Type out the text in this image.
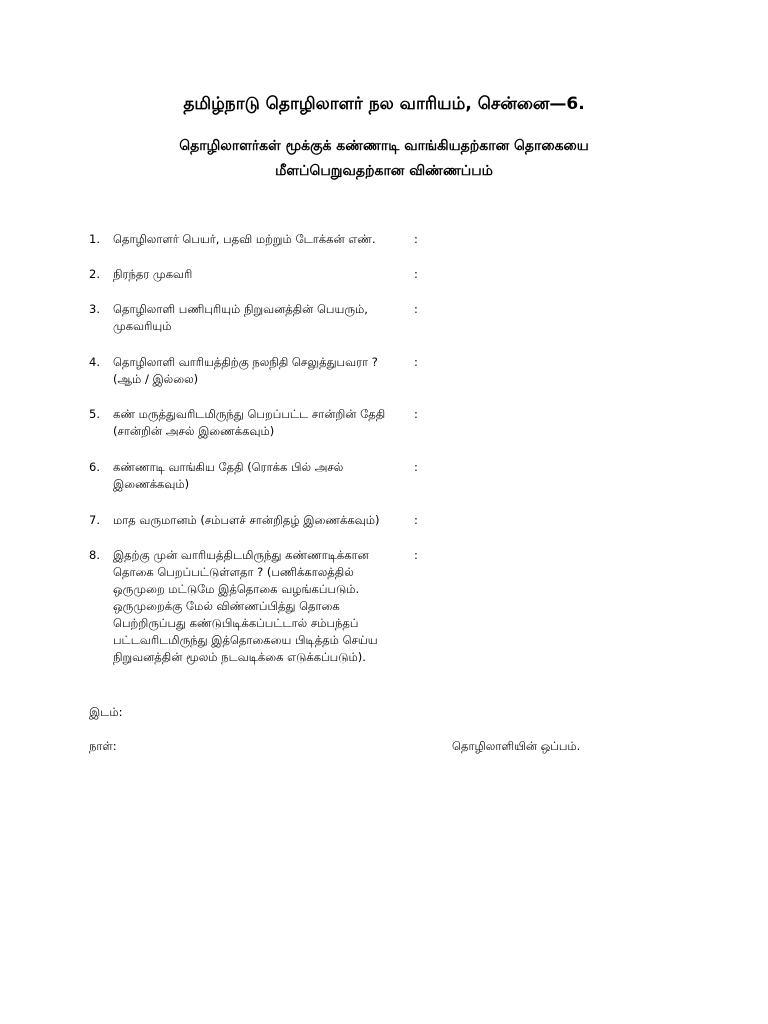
தமிழ்நாடு தொழிலாளர் நல வாரியம், சென்னை—6.
தொழிலாளர்கள் மூக்குக் கண்ணாடி வாங்கியதற்கான தொகையை
மீளப்பெறுவதற்கான விண்ணப்பம்
1. தொழிலாளர் பெயர், பதவி மற்றும் டோக்கன் எண்.	:
2. நிரந்தர முகவரி	:
3. தொழிலாளி பணிபுரியும் நிறுவனத்தின் பெயரும்,
முகவரியும்
:
4. தொழிலாளி வாரியத்திற்கு நலநிதி செலுத்துபவரா ?
(ஆம் / இல்லை)
:
5. கண் மருத்துவரிடமிருந்து பெறப்பட்ட சான்றின் தேதி
(சான்றின் அசல் இணைக்கவும்)
:
6. கண்ணாடி வாங்கிய தேதி (ரொக்க பில் அசல்
இணைக்கவும்)
:
7. மாத வருமானம் (சம்பளச் சான்றிதழ் இணைக்கவும்)	:
8. இதற்கு முன் வாரியத்திடமிருந்து கண்ணாடிக்கான
தொகை பெறப்பட்டுள்ளதா ? (பணிக்காலத்தில்
ஒருமுறை மட்டுமே இத்தொகை வழங்கப்படும்.
ஒருமுறைக்கு மேல் விண்ணப்பித்து தொகை
பெற்றிருப்பது கண்டுபிடிக்கப்பட்டால் சம்பந்தப்
பட்டவரிடமிருந்து இத்தொகையை பிடித்தம் செய்ய
நிறுவனத்தின் மூலம் நடவடிக்கை எடுக்கப்படும்).
:
இடம்:
நாள்:	தொழிலாளியின் ஒப்பம்.
